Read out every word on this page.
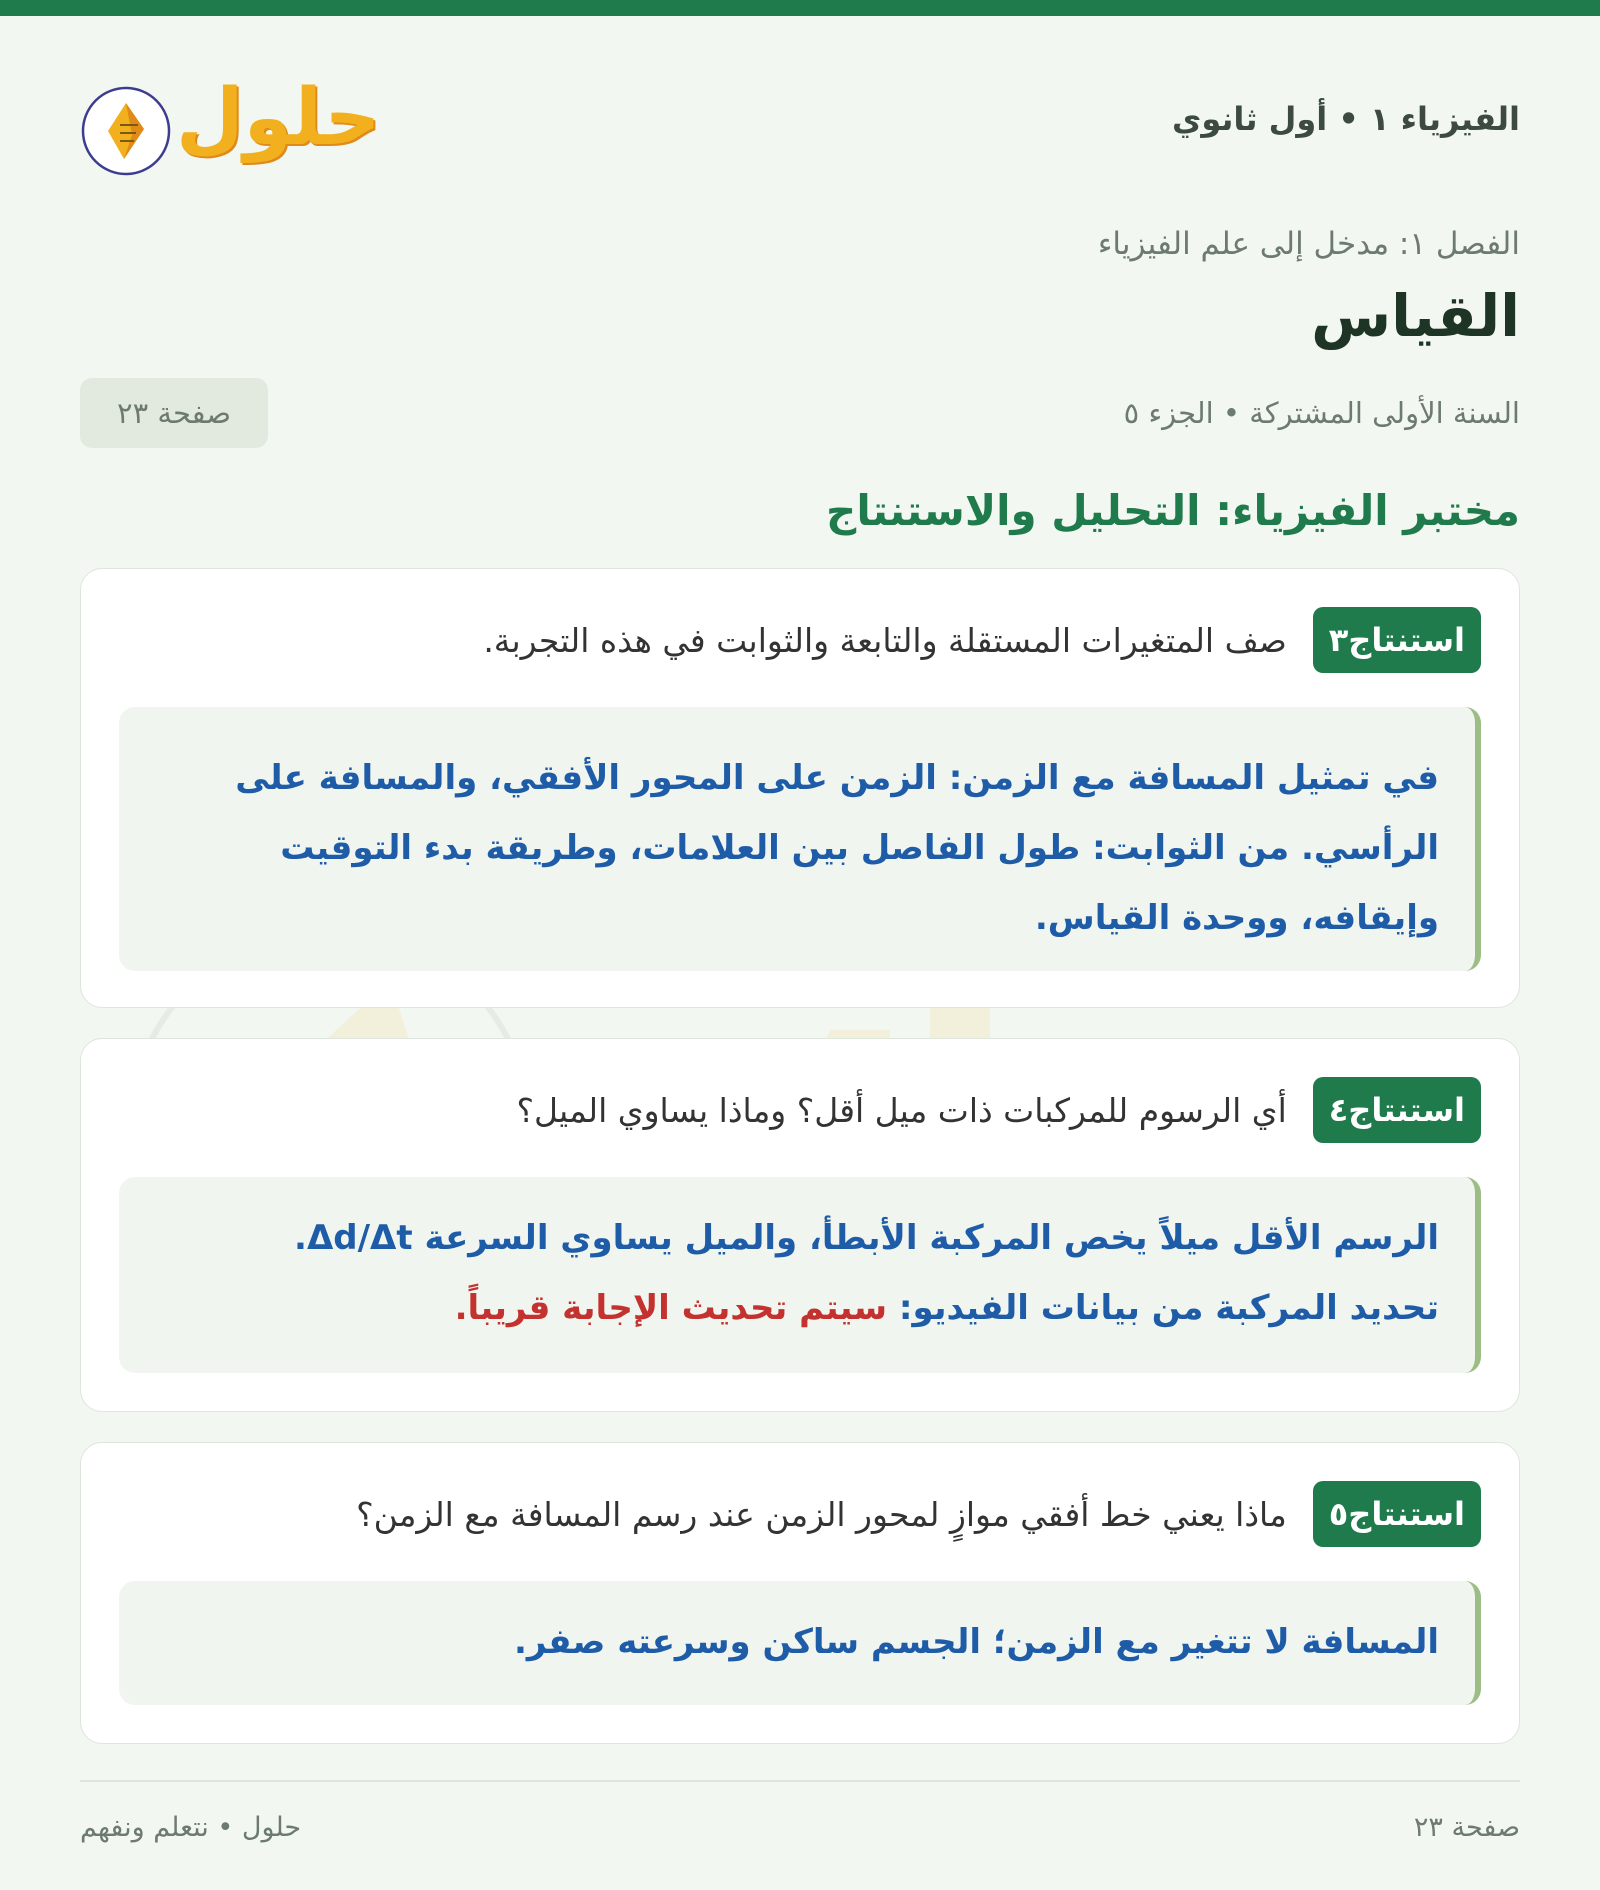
الفيزياء ١ • أول ثانوي
حلول
الفصل ١: مدخل إلى علم الفيزياء
القياس
السنة الأولى المشتركة • الجزء ٥
صفحة ٢٣
مختبر الفيزياء: التحليل والاستنتاج
استنتاج٣
صف المتغيرات المستقلة والتابعة والثوابت في هذه التجربة.
في تمثيل المسافة مع الزمن: الزمن على المحور الأفقي، والمسافة على الرأسي. من الثوابت: طول الفاصل بين العلامات، وطريقة بدء التوقيت وإيقافه، ووحدة القياس.
استنتاج٤
أي الرسوم للمركبات ذات ميل أقل؟ وماذا يساوي الميل؟
الرسم الأقل ميلاً يخص المركبة الأبطأ، والميل يساوي السرعة Δd/Δt.
تحديد المركبة من بيانات الفيديو: سيتم تحديث الإجابة قريباً.
استنتاج٥
ماذا يعني خط أفقي موازٍ لمحور الزمن عند رسم المسافة مع الزمن؟
المسافة لا تتغير مع الزمن؛ الجسم ساكن وسرعته صفر.
صفحة ٢٣
حلول • نتعلم ونفهم
